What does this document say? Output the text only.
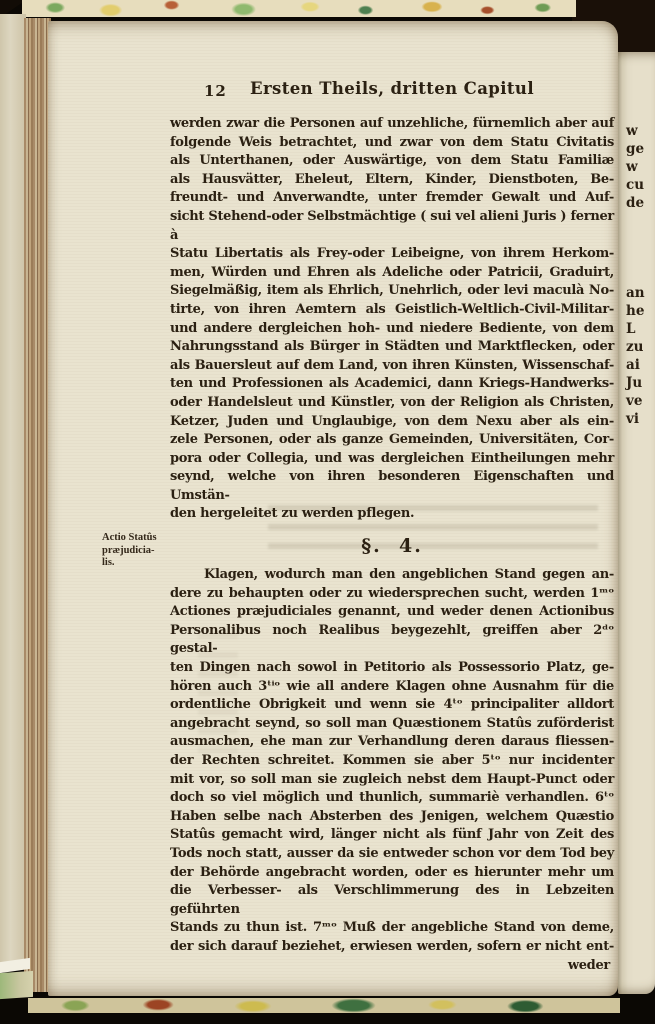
12	Ersten Theils, dritten Capitul
Actio Statûs
præjudicia-
lis.
werden zwar die Personen auf unzehliche, fürnemlich aber auf
folgende Weis betrachtet, und zwar von dem Statu Civitatis
als Unterthanen, oder Auswärtige, von dem Statu Familiæ
als Hausvätter, Eheleut, Eltern, Kinder, Dienstboten, Be-
freundt- und Anverwandte, unter fremder Gewalt und Auf-
sicht Stehend-oder Selbstmächtige ( sui vel alieni Juris ) ferner à
Statu Libertatis als Frey-oder Leibeigne, von ihrem Herkom-
men, Würden und Ehren als Adeliche oder Patricii, Graduirt,
Siegelmäßig, item als Ehrlich, Unehrlich, oder levi maculà No-
tirte, von ihren Aemtern als Geistlich-Weltlich-Civil-Militar-
und andere dergleichen hoh- und niedere Bediente, von dem
Nahrungsstand als Bürger in Städten und Marktflecken, oder
als Bauersleut auf dem Land, von ihren Künsten, Wissenschaf-
ten und Professionen als Academici, dann Kriegs-Handwerks-
oder Handelsleut und Künstler, von der Religion als Christen,
Ketzer, Juden und Unglaubige, von dem Nexu aber als ein-
zele Personen, oder als ganze Gemeinden, Universitäten, Cor-
pora oder Collegia, und was dergleichen Eintheilungen mehr
seynd, welche von ihren besonderen Eigenschaften und Umstän-
den hergeleitet zu werden pflegen.
§.  4.
Klagen, wodurch man den angeblichen Stand gegen an-
dere zu behaupten oder zu wiedersprechen sucht, werden 1ᵐᵒ
Actiones præjudiciales genannt, und weder denen Actionibus
Personalibus noch Realibus beygezehlt, greiffen aber 2ᵈᵒ gestal-
ten Dingen nach sowol in Petitorio als Possessorio Platz, ge-
hören auch 3ᵗⁱᵒ wie all andere Klagen ohne Ausnahm für die
ordentliche Obrigkeit und wenn sie 4ᵗᵒ principaliter alldort
angebracht seynd, so soll man Quæstionem Statûs zuförderist
ausmachen, ehe man zur Verhandlung deren daraus fliessen-
der Rechten schreitet. Kommen sie aber 5ᵗᵒ nur incidenter
mit vor, so soll man sie zugleich nebst dem Haupt-Punct oder
doch so viel möglich und thunlich, summariè verhandlen. 6ᵗᵒ
Haben selbe nach Absterben des Jenigen, welchem Quæstio
Statûs gemacht wird, länger nicht als fünf Jahr von Zeit des
Tods noch statt, ausser da sie entweder schon vor dem Tod bey
der Behörde angebracht worden, oder es hierunter mehr um
die Verbesser- als Verschlimmerung des in Lebzeiten geführten
Stands zu thun ist. 7ᵐᵒ Muß der angebliche Stand von deme,
der sich darauf beziehet, erwiesen werden, sofern er nicht ent-
weder
w
ge
w
cu
de
an
he
L
zu
ai
Ju
ve
vi
